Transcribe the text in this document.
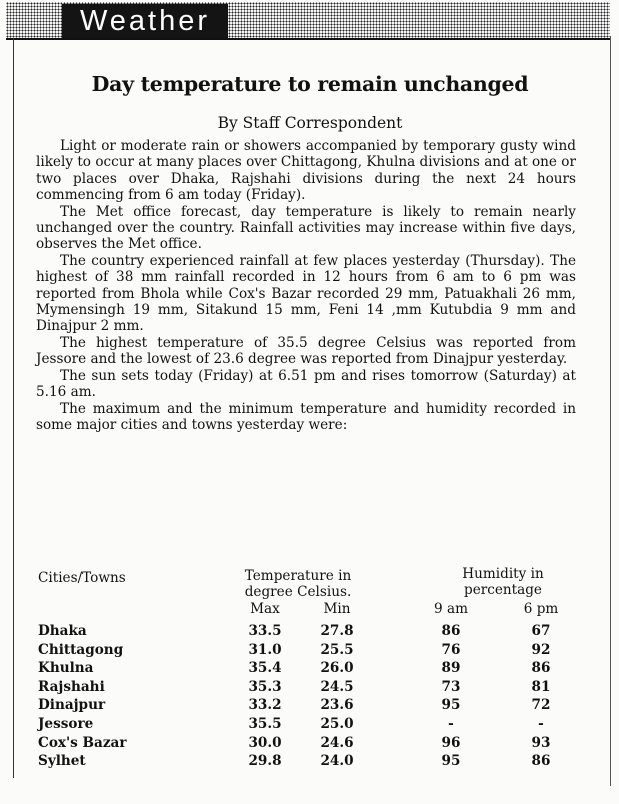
Weather
Day temperature to remain unchanged

By Staff Correspondent

Light or moderate rain or showers accompanied by temporary gusty wind likely to occur at many places over Chittagong, Khulna divisions and at one or two places over Dhaka, Rajshahi divisions during the next 24 hours commencing from 6 am today (Friday).

The Met office forecast, day temperature is likely to remain nearly unchanged over the country. Rainfall activities may increase within five days, observes the Met office.

The country experienced rainfall at few places yesterday (Thursday). The highest of 38 mm rainfall recorded in 12 hours from 6 am to 6 pm was reported from Bhola while Cox's Bazar recorded 29 mm, Patuakhali 26 mm, Mymensingh 19 mm, Sitakund 15 mm, Feni 14 ,mm Kutubdia 9 mm and Dinajpur 2 mm.

The highest temperature of 35.5 degree Celsius was reported from Jessore and the lowest of 23.6 degree was reported from Dinajpur yesterday.

The sun sets today (Friday) at 6.51 pm and rises tomorrow (Saturday) at 5.16 am.

The maximum and the minimum temperature and humidity recorded in some major cities and towns yesterday were:

Cities/Towns	Temperature in
degree Celsius.
Humidity in
percentage
Max	Min	9 am	6 pm
Dhaka	33.5	27.8	86	67
Chittagong	31.0	25.5	76	92
Khulna	35.4	26.0	89	86
Rajshahi	35.3	24.5	73	81
Dinajpur	33.2	23.6	95	72
Jessore	35.5	25.0	-	-
Cox's Bazar	30.0	24.6	96	93
Sylhet	29.8	24.0	95	86
